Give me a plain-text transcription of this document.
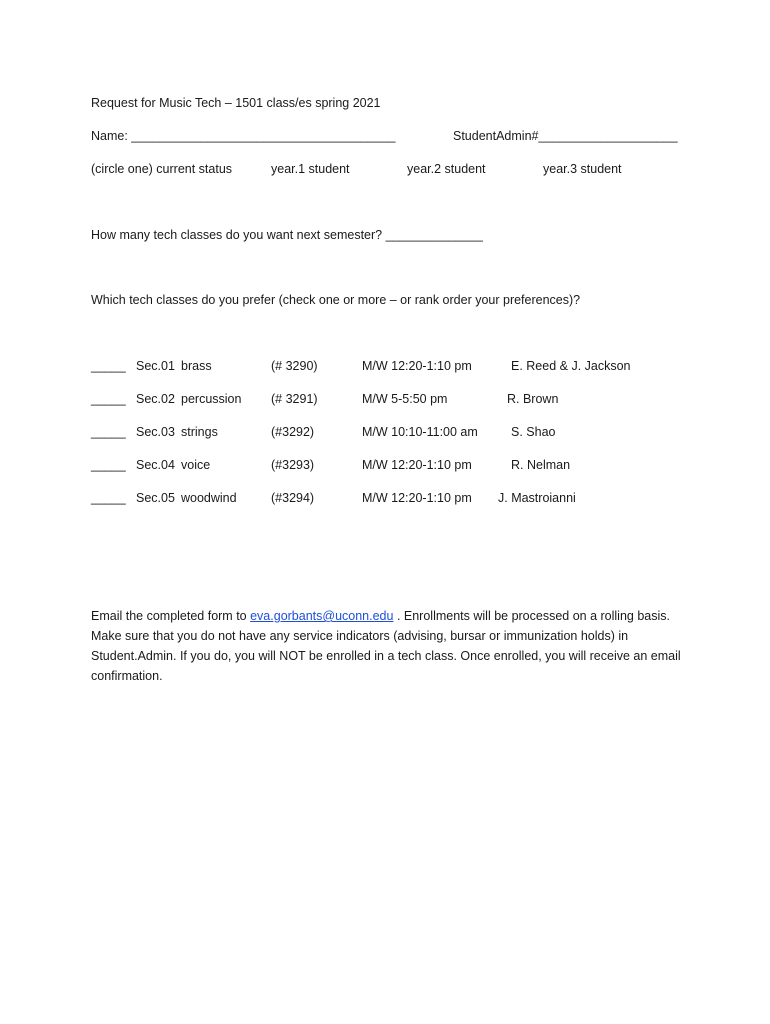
Request for Music Tech – 1501 class/es spring 2021
Name: ______________________________________	StudentAdmin#____________________
(circle one) current status	year.1 student	year.2 student	year.3 student
How many tech classes do you want next semester? ______________
Which tech classes do you prefer (check one or more – or rank order your preferences)?
_____ Sec.01 brass	(# 3290)	M/W 12:20-1:10 pm	E. Reed & J. Jackson
_____ Sec.02 percussion (# 3291)	M/W 5-5:50 pm	R. Brown
_____ Sec.03 strings	(#3292)	M/W 10:10-11:00 am	S. Shao
_____ Sec.04 voice	(#3293)	M/W 12:20-1:10 pm	R. Nelman
_____ Sec.05 woodwind	(#3294)	M/W 12:20-1:10 pm J. Mastroianni
Email the completed form to eva.gorbants@uconn.edu . Enrollments will be processed on a rolling basis. Make sure that you do not have any service indicators (advising, bursar or immunization holds) in Student.Admin. If you do, you will NOT be enrolled in a tech class. Once enrolled, you will receive an email confirmation.
